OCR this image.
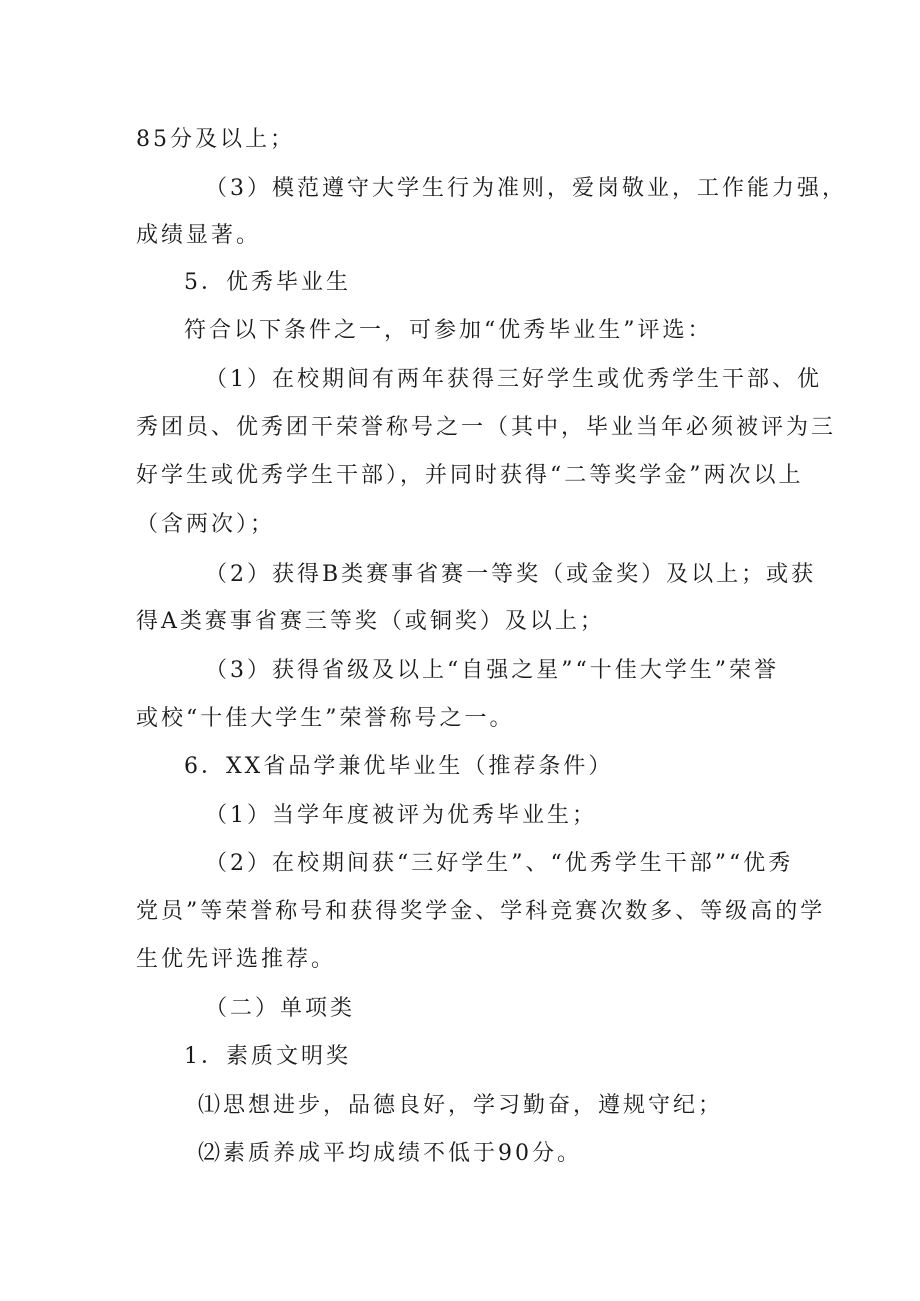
85分及以上；
（3）模范遵守大学生行为准则，爱岗敬业，工作能力强，
成绩显著。
5．优秀毕业生
符合以下条件之一，可参加“优秀毕业生”评选：
（1）在校期间有两年获得三好学生或优秀学生干部、优
秀团员、优秀团干荣誉称号之一（其中，毕业当年必须被评为三
好学生或优秀学生干部），并同时获得“二等奖学金”两次以上
（含两次）；
（2）获得B类赛事省赛一等奖（或金奖）及以上；或获
得A类赛事省赛三等奖（或铜奖）及以上；
（3）获得省级及以上“自强之星”“十佳大学生”荣誉
或校“十佳大学生”荣誉称号之一。
6．XX省品学兼优毕业生（推荐条件）
（1）当学年度被评为优秀毕业生；
（2）在校期间获“三好学生”、“优秀学生干部”“优秀
党员”等荣誉称号和获得奖学金、学科竞赛次数多、等级高的学
生优先评选推荐。
（二）单项类
1．素质文明奖
⑴思想进步，品德良好，学习勤奋，遵规守纪；
⑵素质养成平均成绩不低于90分。
